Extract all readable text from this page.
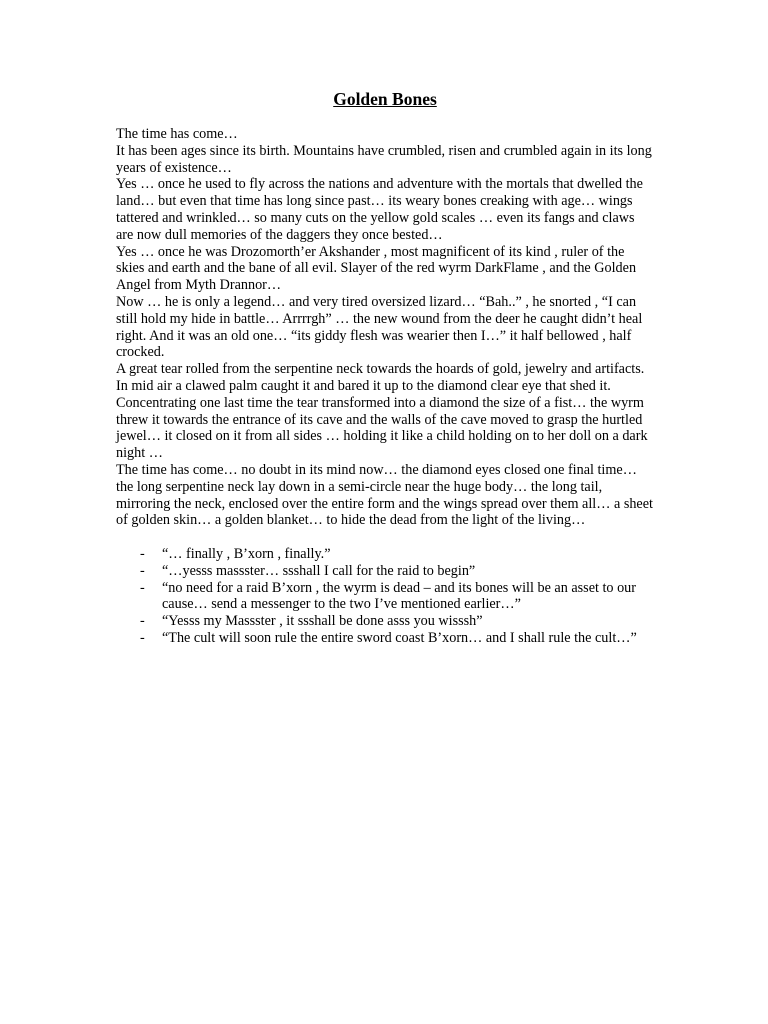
Golden Bones

The time has come…

It has been ages since its birth. Mountains have crumbled, risen and crumbled again in its long years of existence…

Yes … once he used to fly across the nations and adventure with the mortals that dwelled the land… but even that time has long since past… its weary bones creaking with age… wings tattered and wrinkled… so many cuts on the yellow gold scales … even its fangs and claws are now dull memories of the daggers they once bested…

Yes … once he was Drozomorth’er Akshander , most magnificent of its kind , ruler of the skies and earth and the bane of all evil. Slayer of the red wyrm DarkFlame , and the Golden Angel from Myth Drannor…

Now … he is only a legend… and very tired oversized lizard… “Bah..” , he snorted , “I can still hold my hide in battle… Arrrrgh” … the new wound from the deer he caught didn’t heal right. And it was an old one… “its giddy flesh was wearier then I…” it half bellowed , half crocked.

A great tear rolled from the serpentine neck towards the hoards of gold, jewelry and artifacts. In mid air a clawed palm caught it and bared it up to the diamond clear eye that shed it. Concentrating one last time the tear transformed into a diamond the size of a fist… the wyrm threw it towards the entrance of its cave and the walls of the cave moved to grasp the hurtled jewel… it closed on it from all sides … holding it like a child holding on to her doll on a dark night …

The time has come… no doubt in its mind now… the diamond eyes closed one final time… the long serpentine neck lay down in a semi-circle near the huge body… the long tail, mirroring the neck, enclosed over the entire form and the wings spread over them all… a sheet of golden skin… a golden blanket… to hide the dead from the light of the living…

- “… finally , B’xorn , finally.”
- “…yesss massster… ssshall I call for the raid to begin”
- “no need for a raid B’xorn , the wyrm is dead – and its bones will be an asset to our cause… send a messenger to the two I’ve mentioned earlier…”
- “Yesss my Massster , it ssshall be done asss you wisssh”
- “The cult will soon rule the entire sword coast B’xorn… and I shall rule the cult…”
